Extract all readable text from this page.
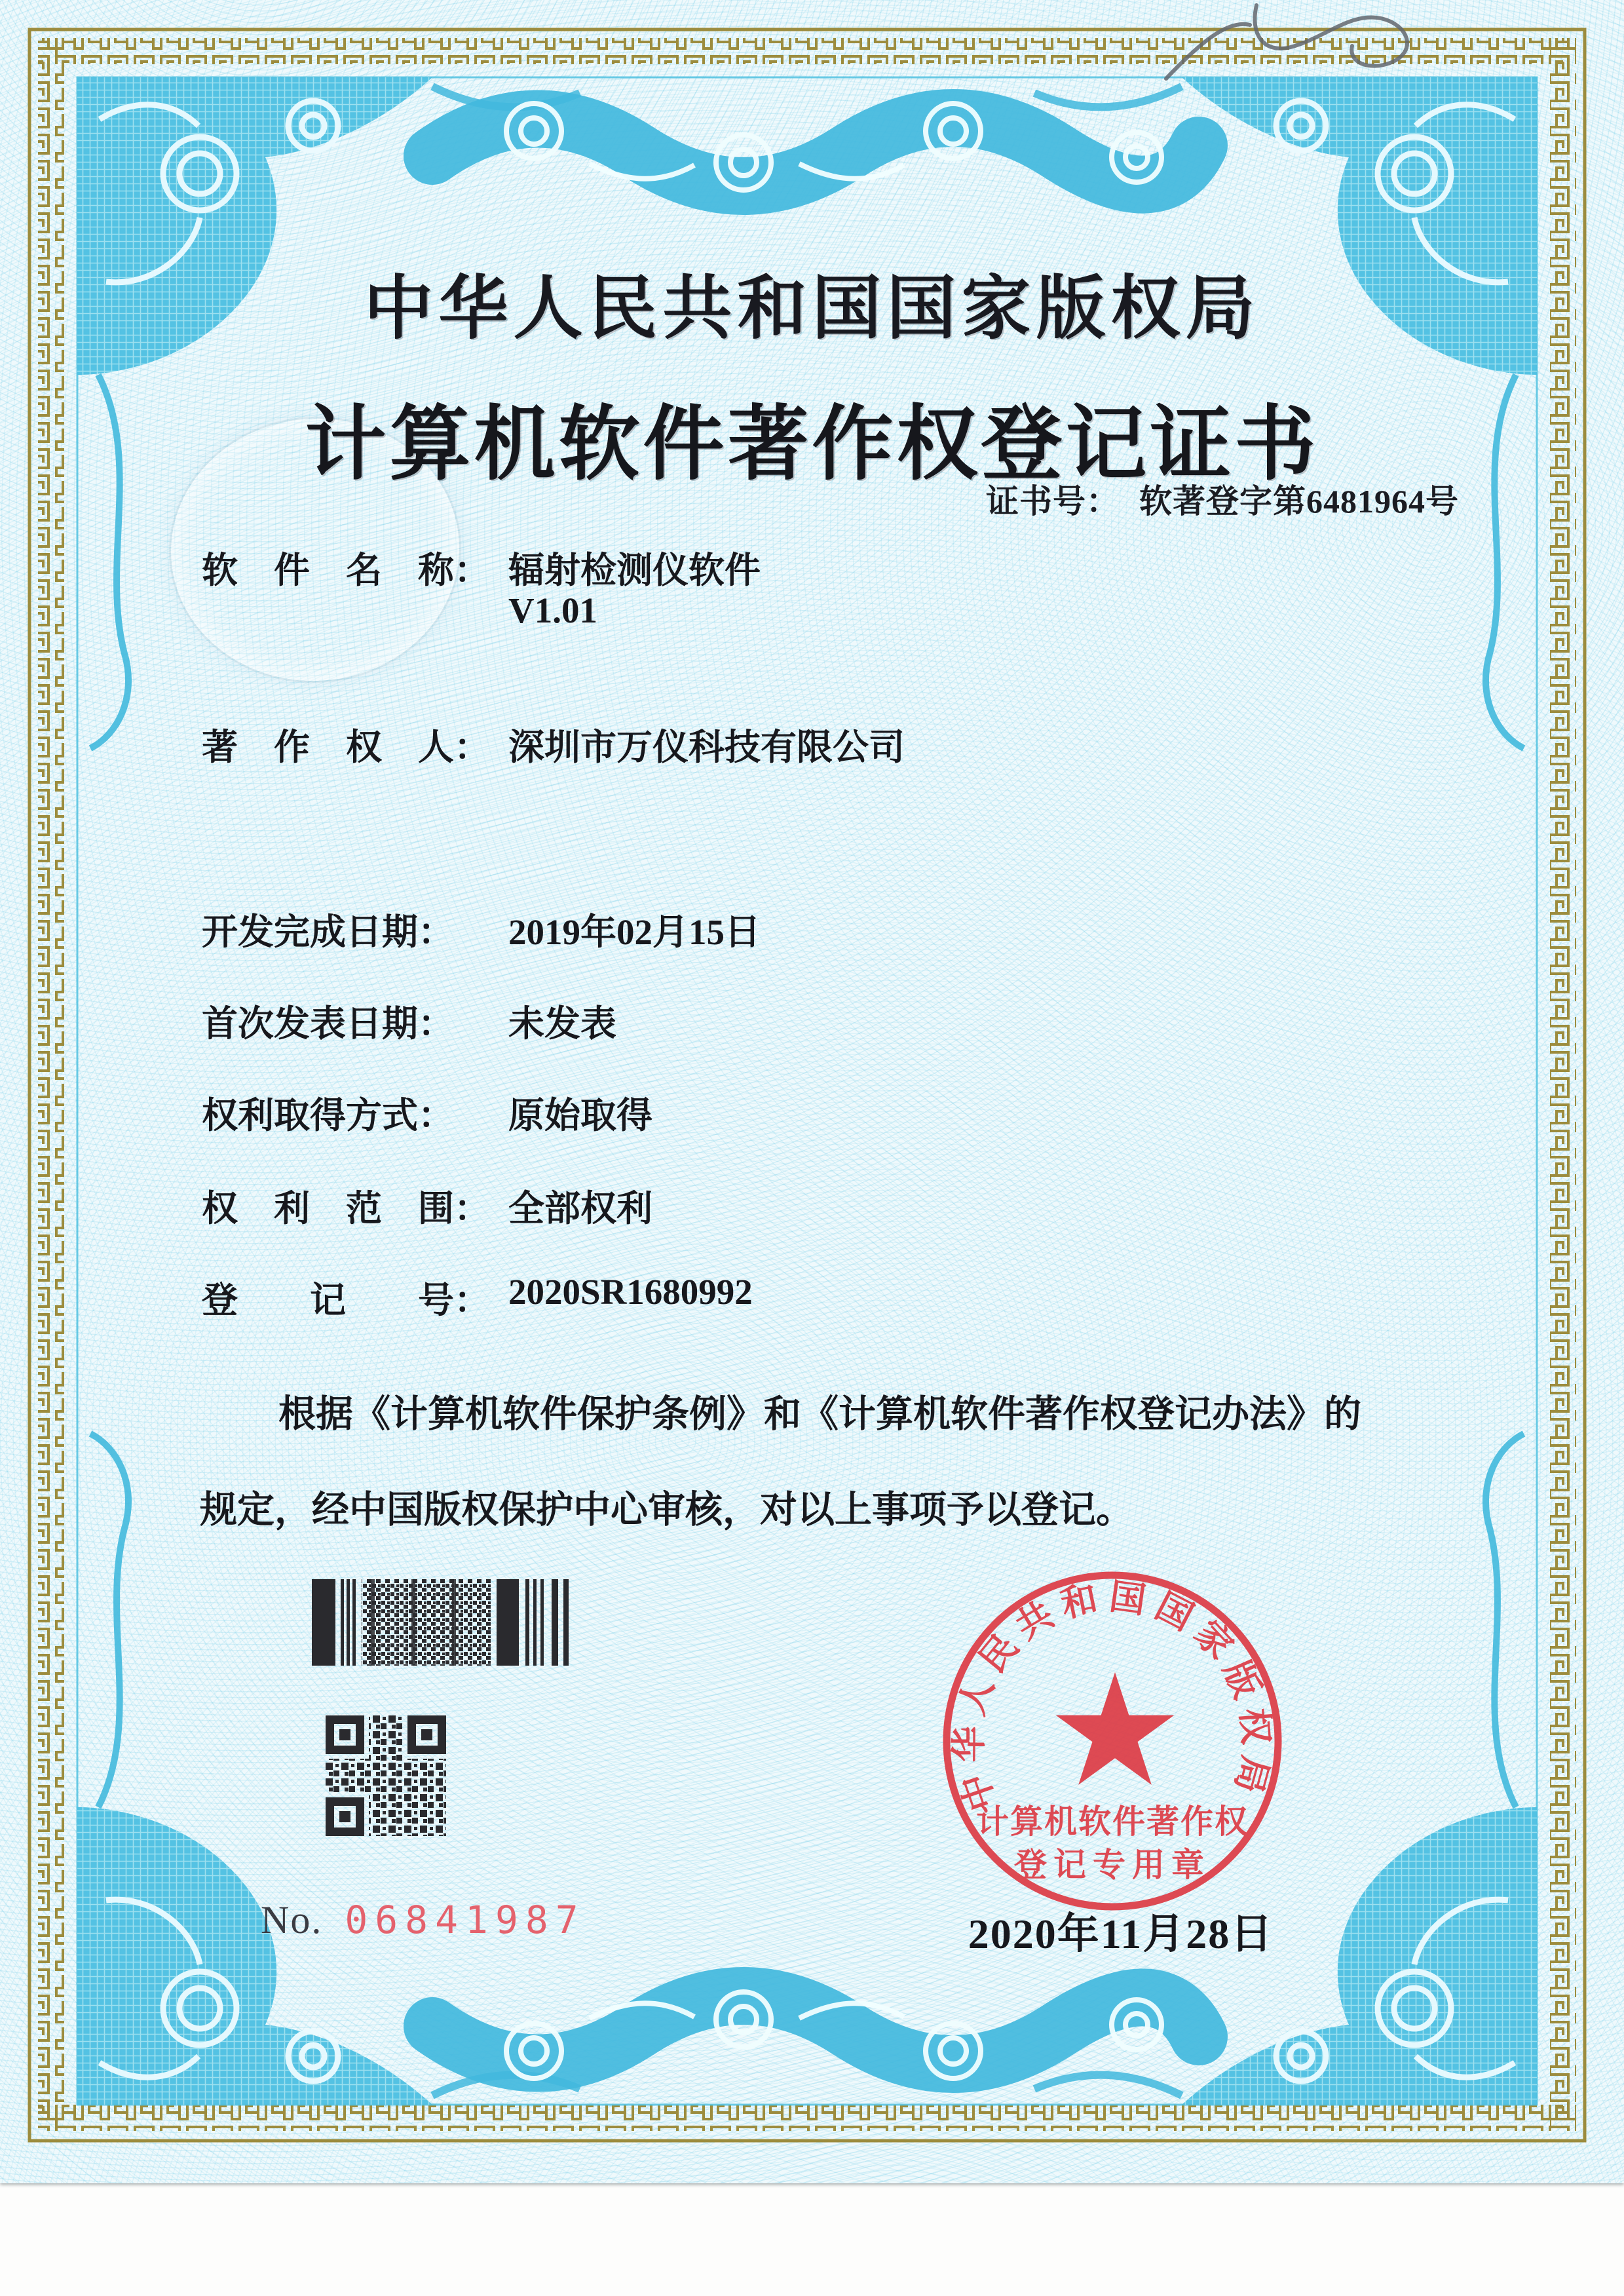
中华人民共和国国家版权局
计算机软件著作权登记证书
证书号： 软著登字第6481964号
软　件　名　称： 辐射检测仪软件
V1.01
著　作　权　人： 深圳市万仪科技有限公司
开发完成日期：	2019年02月15日
首次发表日期：	未发表
权利取得方式：	原始取得
权　利　范　围： 全部权利
登　　记　　号： 2020SR1680992
根据《计算机软件保护条例》和《计算机软件著作权登记办法》的
规定，经中国版权保护中心审核，对以上事项予以登记。
No. 06841987
中华人民共和国国家版权局
计算机软件著作权
登记专用章
2020年11月28日
